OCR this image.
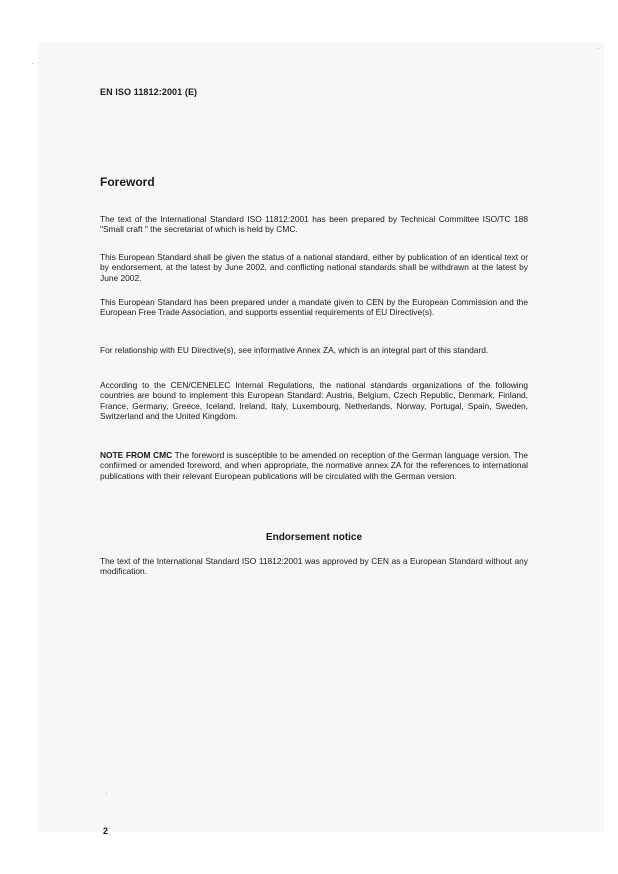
EN ISO 11812:2001 (E)

Foreword

The text of the International Standard ISO 11812:2001 has been prepared by Technical Committee ISO/TC 188 "Small craft " the secretariat of which is held by CMC.

This European Standard shall be given the status of a national standard, either by publication of an identical text or by endorsement, at the latest by June 2002, and conflicting national standards shall be withdrawn at the latest by June 2002.

This European Standard has been prepared under a mandate given to CEN by the European Commission and the European Free Trade Association, and supports essential requirements of EU Directive(s).

For relationship with EU Directive(s), see informative Annex ZA, which is an integral part of this standard.

According to the CEN/CENELEC Internal Regulations, the national standards organizations of the following countries are bound to implement this European Standard: Austria, Belgium, Czech Republic, Denmark, Finland, France, Germany, Greece, Iceland, Ireland, Italy, Luxembourg, Netherlands, Norway, Portugal, Spain, Sweden, Switzerland and the United Kingdom.

NOTE FROM CMC The foreword is susceptible to be amended on reception of the German language version. The confirmed or amended foreword, and when appropriate, the normative annex ZA for the references to international publications with their relevant European publications will be circulated with the German version.

Endorsement notice

The text of the International Standard ISO 11812:2001 was approved by CEN as a European Standard without any modification.

2
